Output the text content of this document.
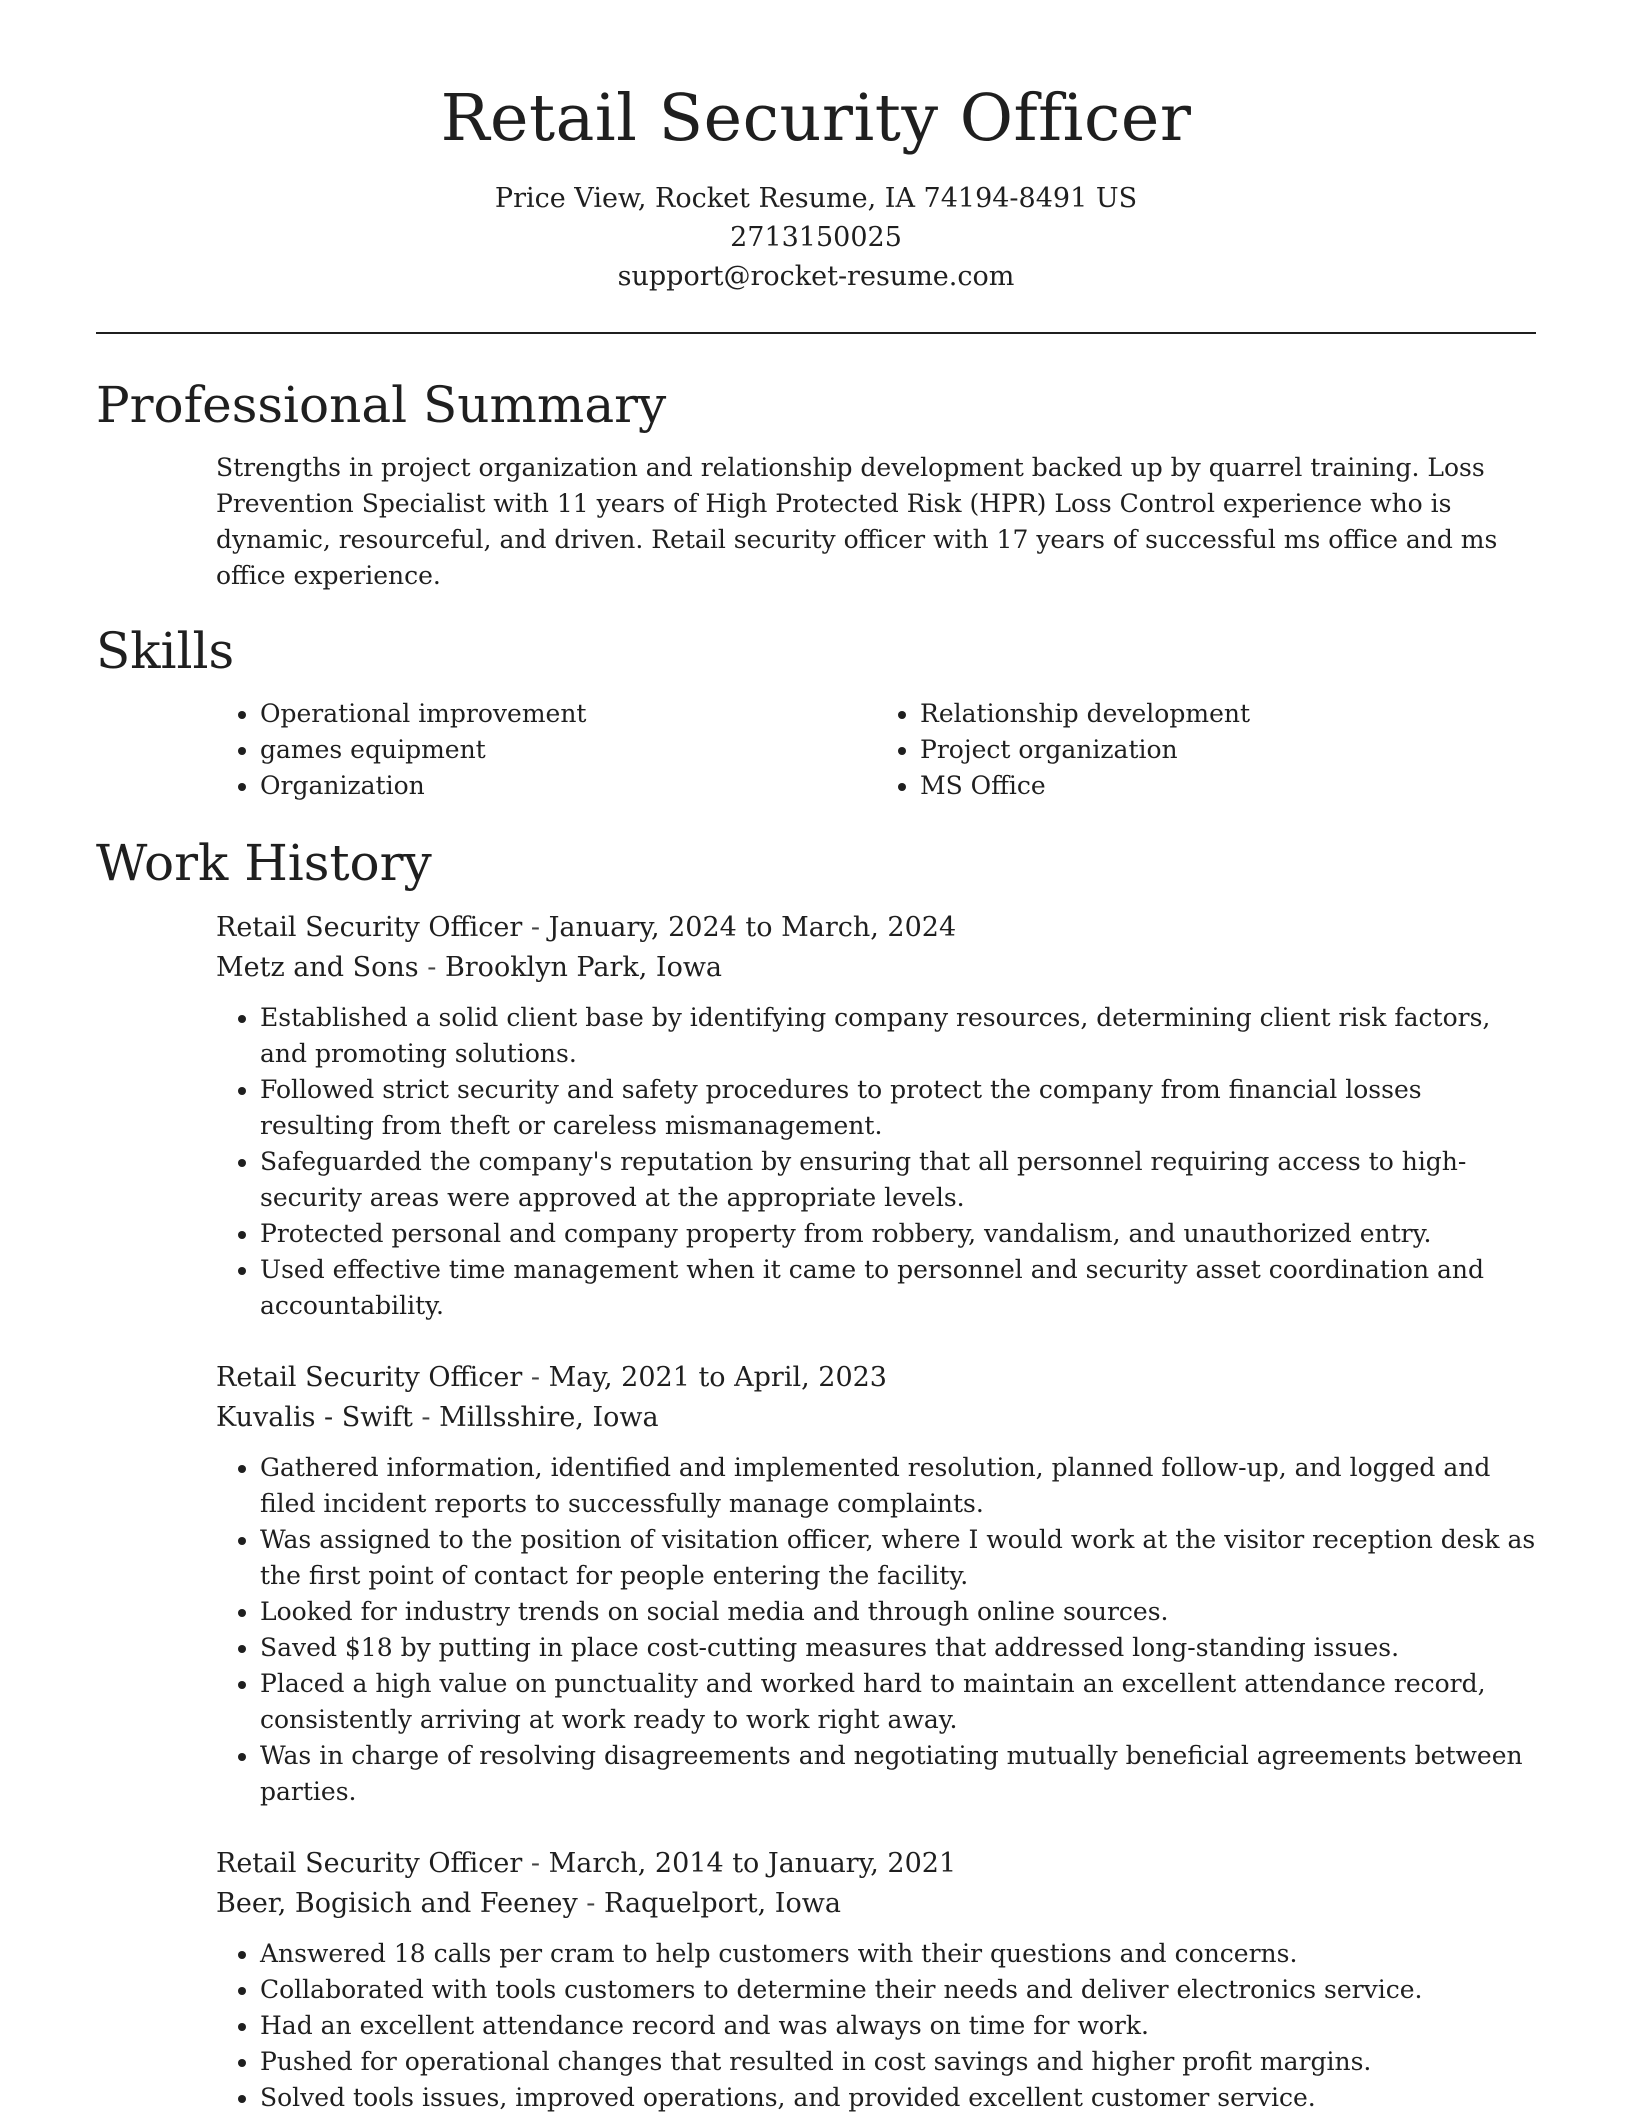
Retail Security Officer
Price View, Rocket Resume, IA 74194-8491 US
2713150025
support@rocket-resume.com
Professional Summary
Strengths in project organization and relationship development backed up by quarrel training. Loss Prevention Specialist with 11 years of High Protected Risk (HPR) Loss Control experience who is dynamic, resourceful, and driven. Retail security officer with 17 years of successful ms office and ms office experience.
Skills
• Operational improvement
• games equipment
• Organization
• Relationship development
• Project organization
• MS Office
Work History
Retail Security Officer - January, 2024 to March, 2024
Metz and Sons - Brooklyn Park, Iowa
• Established a solid client base by identifying company resources, determining client risk factors, and promoting solutions.
• Followed strict security and safety procedures to protect the company from financial losses resulting from theft or careless mismanagement.
• Safeguarded the company's reputation by ensuring that all personnel requiring access to high-security areas were approved at the appropriate levels.
• Protected personal and company property from robbery, vandalism, and unauthorized entry.
• Used effective time management when it came to personnel and security asset coordination and accountability.
Retail Security Officer - May, 2021 to April, 2023
Kuvalis - Swift - Millsshire, Iowa
• Gathered information, identified and implemented resolution, planned follow-up, and logged and filed incident reports to successfully manage complaints.
• Was assigned to the position of visitation officer, where I would work at the visitor reception desk as the first point of contact for people entering the facility.
• Looked for industry trends on social media and through online sources.
• Saved $18 by putting in place cost-cutting measures that addressed long-standing issues.
• Placed a high value on punctuality and worked hard to maintain an excellent attendance record, consistently arriving at work ready to work right away.
• Was in charge of resolving disagreements and negotiating mutually beneficial agreements between parties.
Retail Security Officer - March, 2014 to January, 2021
Beer, Bogisich and Feeney - Raquelport, Iowa
• Answered 18 calls per cram to help customers with their questions and concerns.
• Collaborated with tools customers to determine their needs and deliver electronics service.
• Had an excellent attendance record and was always on time for work.
• Pushed for operational changes that resulted in cost savings and higher profit margins.
• Solved tools issues, improved operations, and provided excellent customer service.
